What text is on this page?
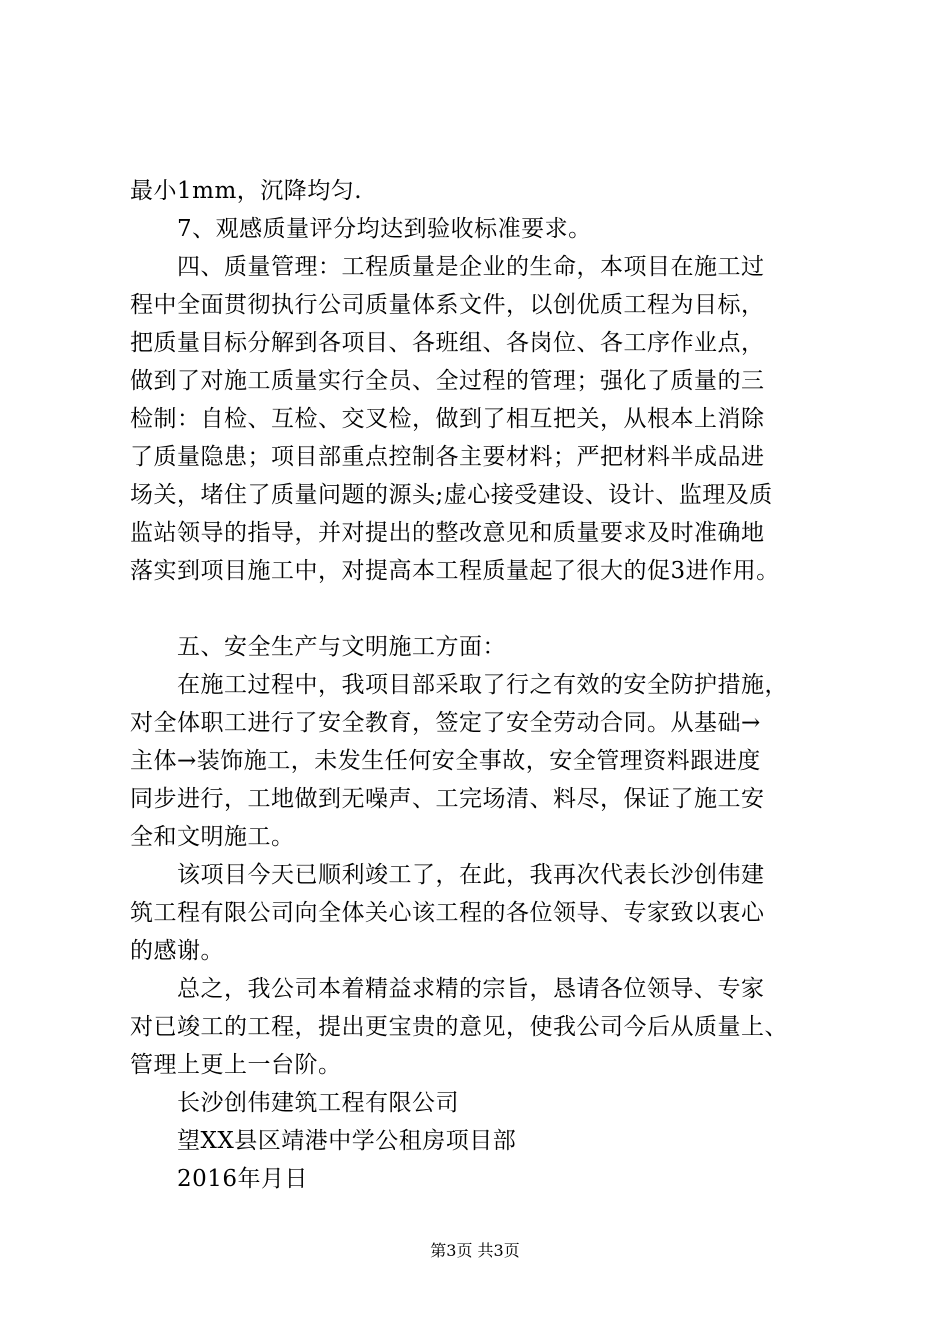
最小1mm，沉降均匀.
7、观感质量评分均达到验收标准要求。
四、质量管理：工程质量是企业的生命，本项目在施工过
程中全面贯彻执行公司质量体系文件，以创优质工程为目标，
把质量目标分解到各项目、各班组、各岗位、各工序作业点，
做到了对施工质量实行全员、全过程的管理；强化了质量的三
检制：自检、互检、交叉检，做到了相互把关，从根本上消除
了质量隐患；项目部重点控制各主要材料；严把材料半成品进
场关，堵住了质量问题的源头;虚心接受建设、设计、监理及质
监站领导的指导，并对提出的整改意见和质量要求及时准确地
落实到项目施工中，对提高本工程质量起了很大的促3进作用。
五、安全生产与文明施工方面：
在施工过程中，我项目部采取了行之有效的安全防护措施，
对全体职工进行了安全教育，签定了安全劳动合同。从基础→
主体→装饰施工，未发生任何安全事故，安全管理资料跟进度
同步进行，工地做到无噪声、工完场清、料尽，保证了施工安
全和文明施工。
该项目今天已顺利竣工了，在此，我再次代表长沙创伟建
筑工程有限公司向全体关心该工程的各位领导、专家致以衷心
的感谢。
总之，我公司本着精益求精的宗旨，恳请各位领导、专家
对已竣工的工程，提出更宝贵的意见，使我公司今后从质量上、
管理上更上一台阶。
长沙创伟建筑工程有限公司
望XX县区靖港中学公租房项目部
2016年月日
第3页 共3页
